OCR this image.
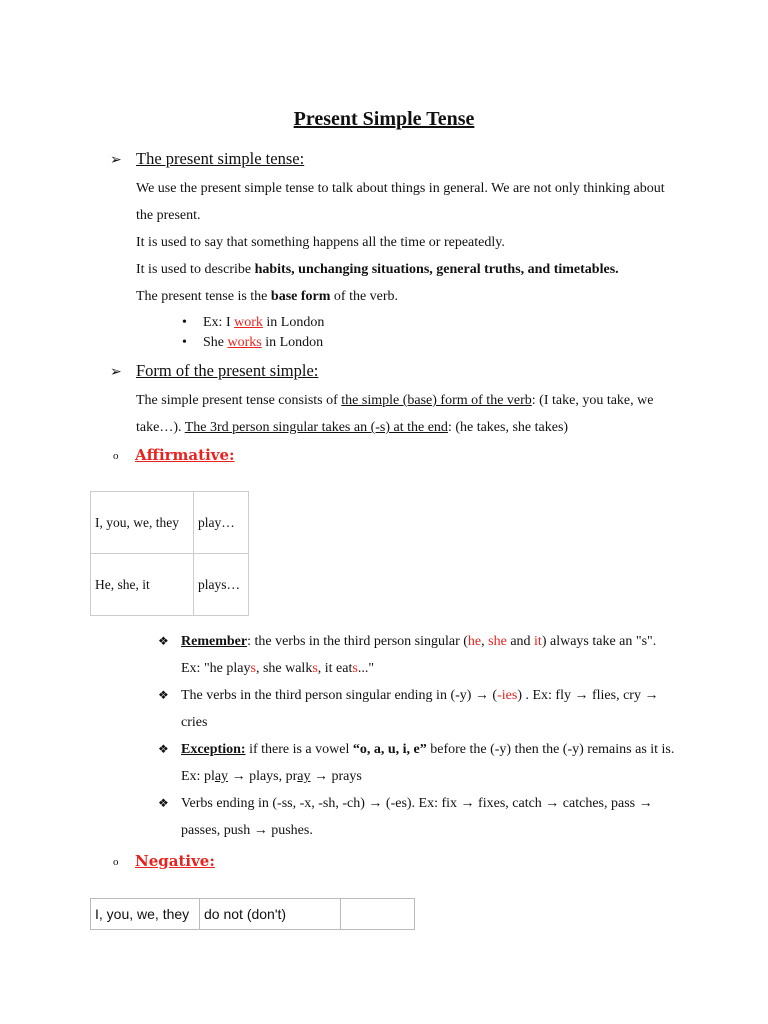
Present Simple Tense
➢ The present simple tense:
We use the present simple tense to talk about things in general. We are not only thinking about the present.
It is used to say that something happens all the time or repeatedly.
It is used to describe habits, unchanging situations, general truths, and timetables.
The present tense is the base form of the verb.
• Ex: I work in London
• She works in London
➢ Form of the present simple:
The simple present tense consists of the simple (base) form of the verb: (I take, you take, we take…). The 3rd person singular takes an (-s) at the end: (he takes, she takes)
o Affirmative:
I, you, we, they	play…
He, she, it	plays…
❖ Remember: the verbs in the third person singular (he, she and it) always take an "s". Ex: "he plays, she walks, it eats..."
❖ The verbs in the third person singular ending in (-y) → (-ies) . Ex: fly → flies, cry → cries
❖ Exception: if there is a vowel “o, a, u, i, e” before the (-y) then the (-y) remains as it is. Ex: play → plays, pray → prays
❖ Verbs ending in (-ss, -x, -sh, -ch) → (-es). Ex: fix → fixes, catch → catches, pass → passes, push → pushes.
o Negative:
I, you, we, they	do not (don't)	
